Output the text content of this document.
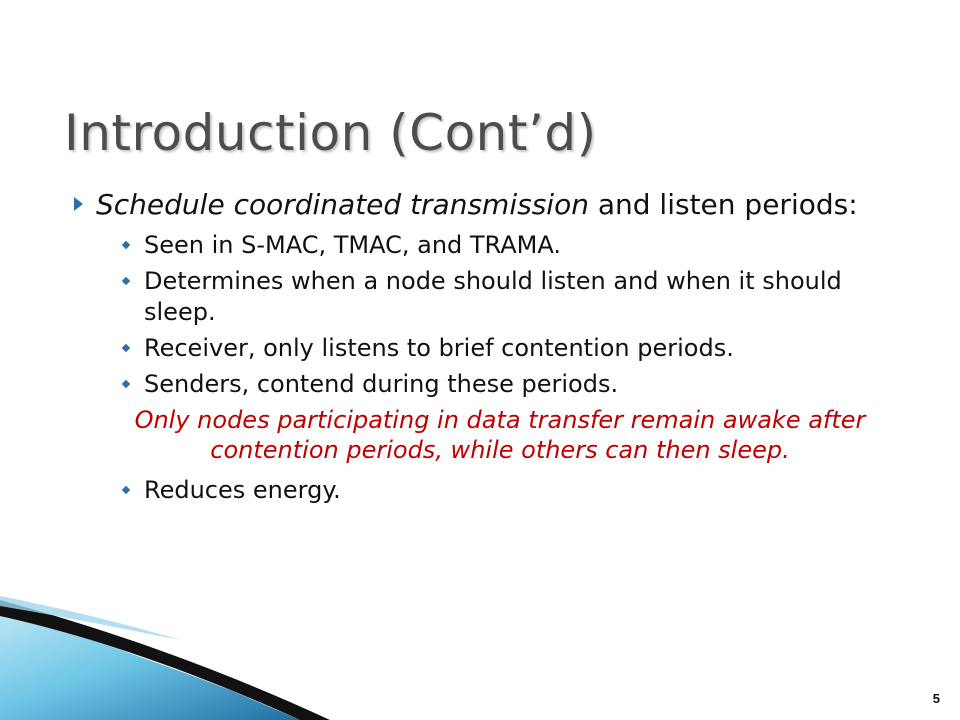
Introduction (Cont’d)

Schedule coordinated transmission and listen periods:

Seen in S-MAC, TMAC, and TRAMA.

Determines when a node should listen and when it should sleep.

Receiver, only listens to brief contention periods.

Senders, contend during these periods.

Only nodes participating in data transfer remain awake after contention periods, while others can then sleep.

Reduces energy.

5
